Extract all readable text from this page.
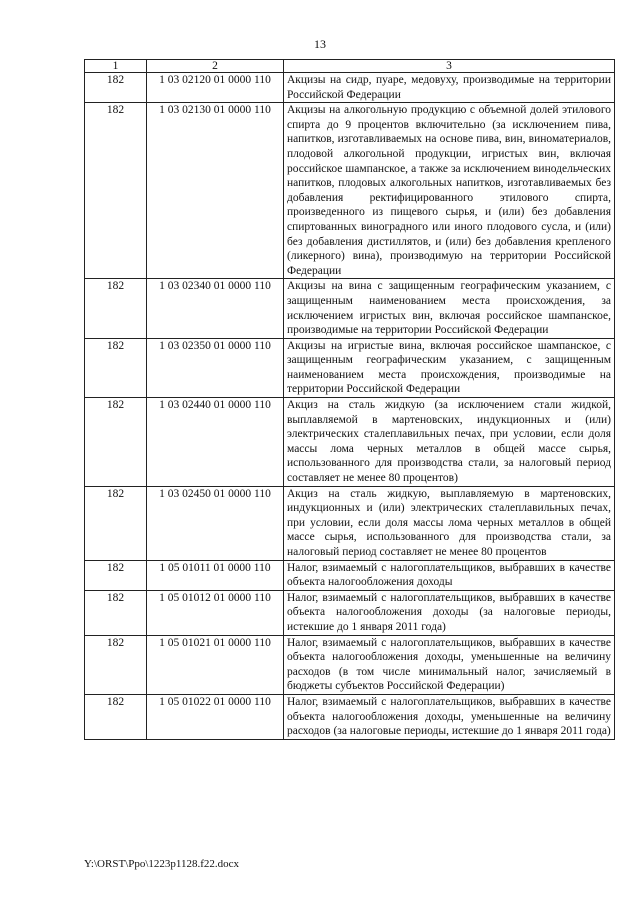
13
1	2	3
182	1 03 02120 01 0000 110	Акцизы на сидр, пуаре, медовуху, производимые на территории Российской Федерации
182	1 03 02130 01 0000 110	Акцизы на алкогольную продукцию с объемной долей этилового спирта до 9 процентов включительно (за исключением пива, напитков, изготавливаемых на основе пива, вин, виноматериалов, плодовой алкогольной продукции, игристых вин, включая российское шампанское, а также за исключением винодельческих напитков, плодовых алкогольных напитков, изготавливаемых без добавления ректифицированного этилового спирта, произведенного из пищевого сырья, и (или) без добавления спиртованных виноградного или иного плодового сусла, и (или) без добавления дистиллятов, и (или) без добавления крепленого (ликерного) вина), производимую на территории Российской Федерации
182	1 03 02340 01 0000 110	Акцизы на вина с защищенным географическим указанием, с защищенным наименованием места происхождения, за исключением игристых вин, включая российское шампанское, производимые на территории Российской Федерации
182	1 03 02350 01 0000 110	Акцизы на игристые вина, включая российское шампанское, с защищенным географическим указанием, с защищенным наименованием места происхождения, производимые на территории Российской Федерации
182	1 03 02440 01 0000 110	Акциз на сталь жидкую (за исключением стали жидкой, выплавляемой в мартеновских, индукционных и (или) электрических сталеплавильных печах, при условии, если доля массы лома черных металлов в общей массе сырья, использованного для производства стали, за налоговый период составляет не менее 80 процентов)
182	1 03 02450 01 0000 110	Акциз на сталь жидкую, выплавляемую в мартеновских, индукционных и (или) электрических сталеплавильных печах, при условии, если доля массы лома черных металлов в общей массе сырья, использованного для производства стали, за налоговый период составляет не менее 80 процентов
182	1 05 01011 01 0000 110	Налог, взимаемый с налогоплательщиков, выбравших в качестве объекта налогообложения доходы
182	1 05 01012 01 0000 110	Налог, взимаемый с налогоплательщиков, выбравших в качестве объекта налогообложения доходы (за налоговые периоды, истекшие до 1 января 2011 года)
182	1 05 01021 01 0000 110	Налог, взимаемый с налогоплательщиков, выбравших в качестве объекта налогообложения доходы, уменьшенные на величину расходов (в том числе минимальный налог, зачисляемый в бюджеты субъектов Российской Федерации)
182	1 05 01022 01 0000 110	Налог, взимаемый с налогоплательщиков, выбравших в качестве объекта налогообложения доходы, уменьшенные на величину расходов (за налоговые периоды, истекшие до 1 января 2011 года)
Y:\ORST\Ppo\1223p1128.f22.docx
